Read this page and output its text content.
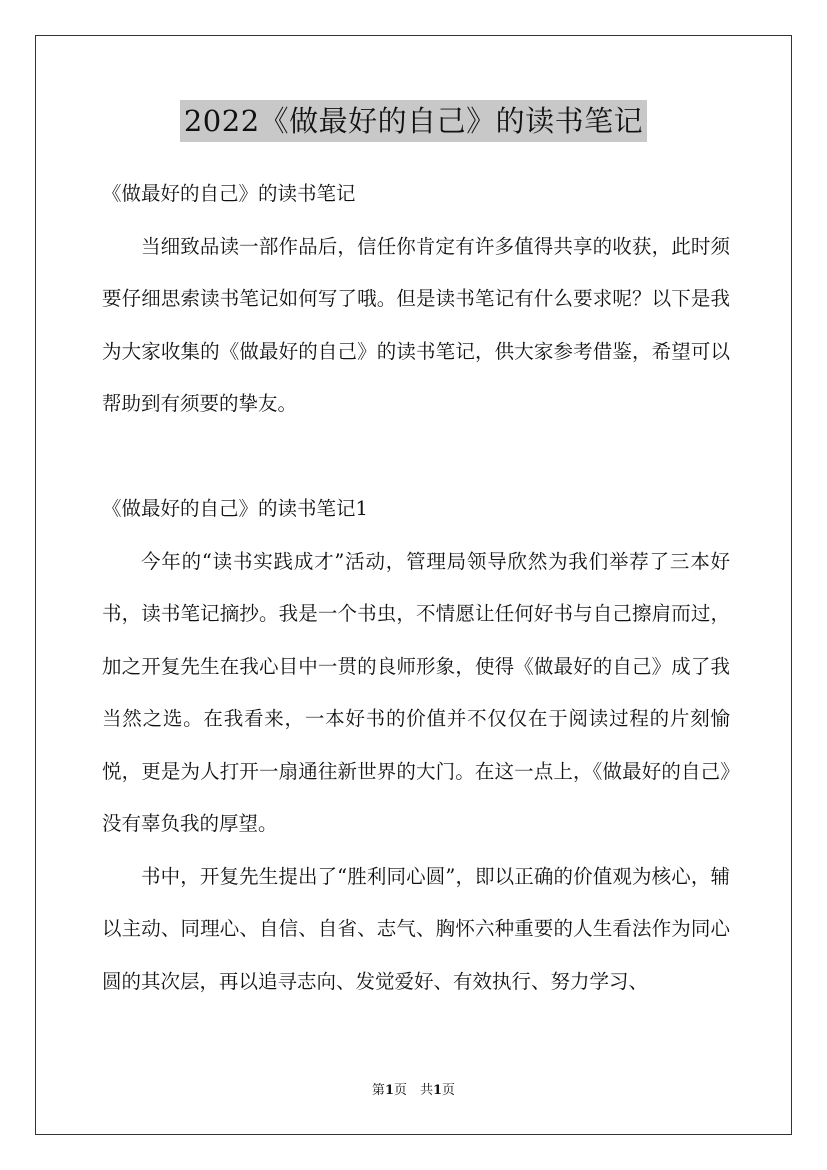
2022《做最好的自己》的读书笔记

《做最好的自己》的读书笔记

当细致品读一部作品后，信任你肯定有许多值得共享的收获，此时须要仔细思索读书笔记如何写了哦。但是读书笔记有什么要求呢？以下是我为大家收集的《做最好的自己》的读书笔记，供大家参考借鉴，希望可以帮助到有须要的挚友。

《做最好的自己》的读书笔记1

今年的“读书实践成才”活动，管理局领导欣然为我们举荐了三本好书，读书笔记摘抄。我是一个书虫，不情愿让任何好书与自己擦肩而过，加之开复先生在我心目中一贯的良师形象，使得《做最好的自己》成了我当然之选。在我看来，一本好书的价值并不仅仅在于阅读过程的片刻愉悦，更是为人打开一扇通往新世界的大门。在这一点上，《做最好的自己》没有辜负我的厚望。

书中，开复先生提出了“胜利同心圆”，即以正确的价值观为核心，辅以主动、同理心、自信、自省、志气、胸怀六种重要的人生看法作为同心圆的其次层，再以追寻志向、发觉爱好、有效执行、努力学习、

第1页　共1页
